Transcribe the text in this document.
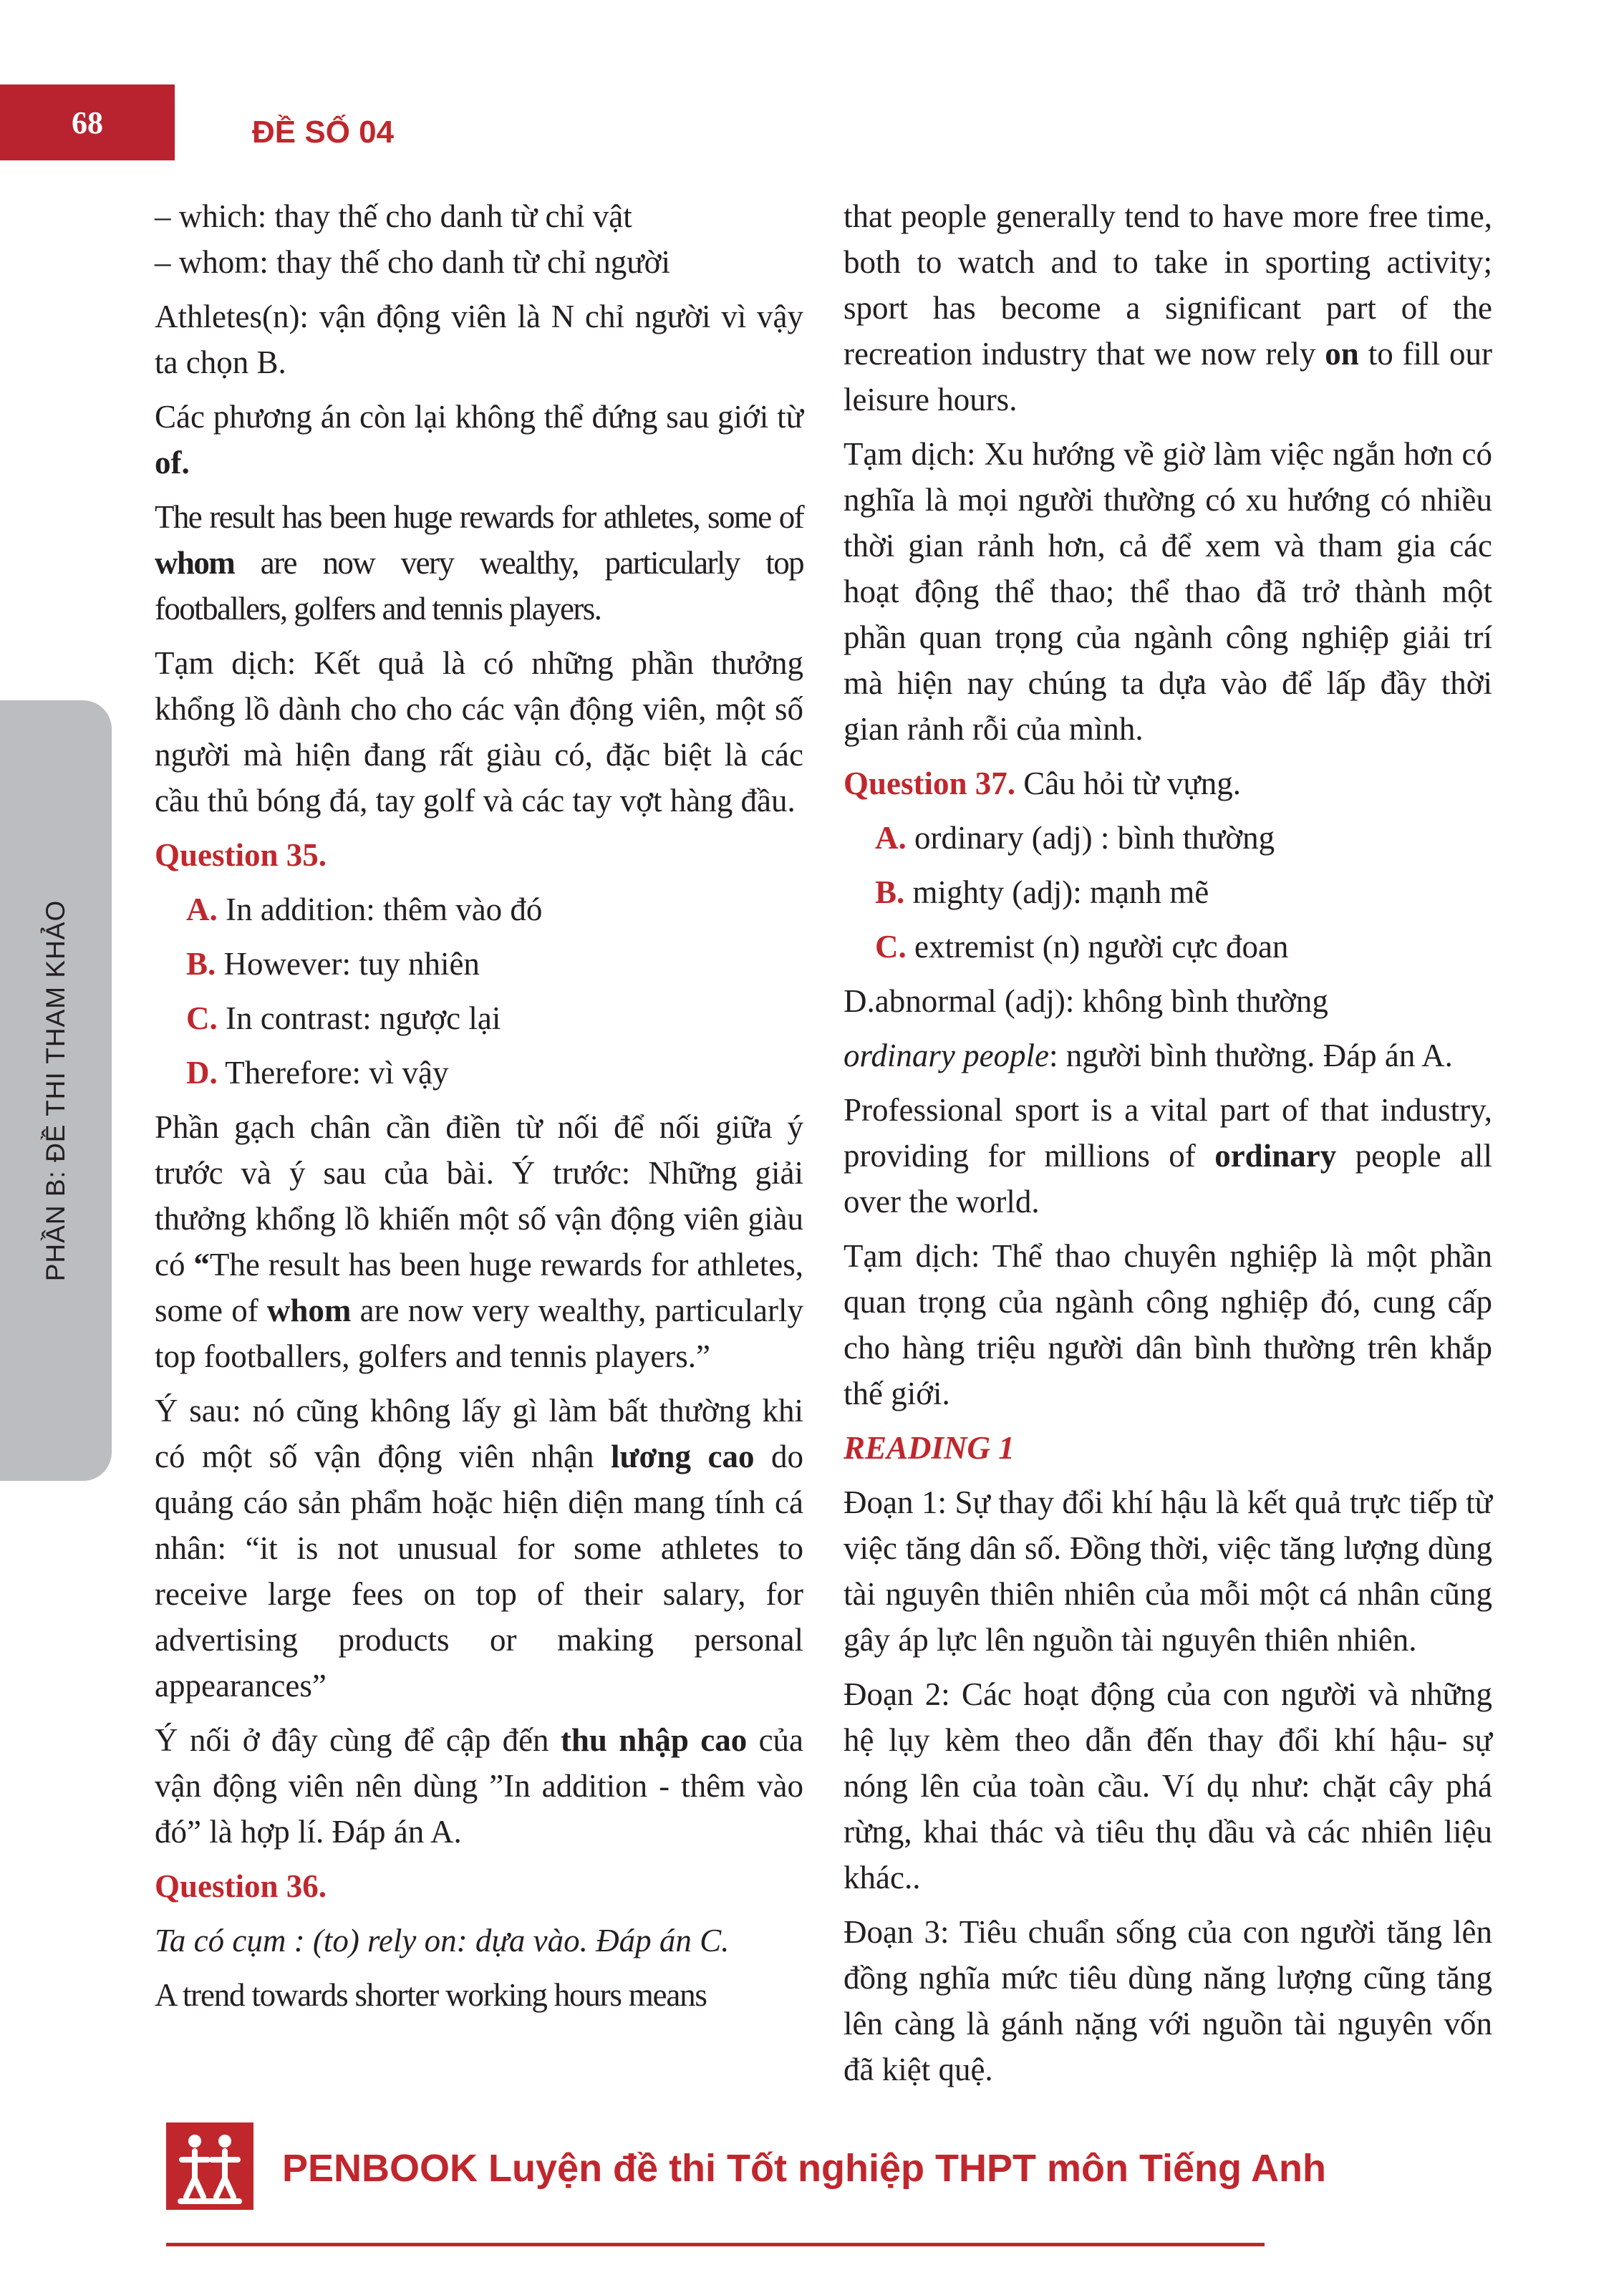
68	ĐỀ SỐ 04
PHẦN B: ĐỀ THI THAM KHẢO

– which: thay thế cho danh từ chỉ vật

– whom: thay thế cho danh từ chỉ người

Athletes(n): vận động viên là N chỉ người vì vậy ta chọn B.

Các phương án còn lại không thể đứng sau giới từ of.

The result has been huge rewards for athletes, some of whom are now very wealthy, particularly top footballers, golfers and tennis players.

Tạm dịch: Kết quả là có những phần thưởng khổng lồ dành cho cho các vận động viên, một số người mà hiện đang rất giàu có, đặc biệt là các cầu thủ bóng đá, tay golf và các tay vợt hàng đầu.

Question 35.

A. In addition: thêm vào đó
B. However: tuy nhiên
C. In contrast: ngược lại
D. Therefore: vì vậy

Phần gạch chân cần điền từ nối để nối giữa ý trước và ý sau của bài. Ý trước: Những giải thưởng khổng lồ khiến một số vận động viên giàu có “The result has been huge rewards for athletes, some of whom are now very wealthy, particularly top footballers, golfers and tennis players.”

Ý sau: nó cũng không lấy gì làm bất thường khi có một số vận động viên nhận lương cao do quảng cáo sản phẩm hoặc hiện diện mang tính cá nhân: “it is not unusual for some athletes to receive large fees on top of their salary, for advertising products or making personal appearances”

Ý nối ở đây cùng để cập đến thu nhập cao của vận động viên nên dùng ”In addition - thêm vào đó” là hợp lí. Đáp án A.

Question 36.

Ta có cụm : (to) rely on: dựa vào. Đáp án C.

A trend towards shorter working hours means

that people generally tend to have more free time, both to watch and to take in sporting activity; sport has become a significant part of the recreation industry that we now rely on to fill our leisure hours.

Tạm dịch: Xu hướng về giờ làm việc ngắn hơn có nghĩa là mọi người thường có xu hướng có nhiều thời gian rảnh hơn, cả để xem và tham gia các hoạt động thể thao; thể thao đã trở thành một phần quan trọng của ngành công nghiệp giải trí mà hiện nay chúng ta dựa vào để lấp đầy thời gian rảnh rỗi của mình.

Question 37. Câu hỏi từ vựng.

A. ordinary (adj) : bình thường
B. mighty (adj): mạnh mẽ
C. extremist (n) người cực đoan

D.abnormal (adj): không bình thường

ordinary people: người bình thường. Đáp án A.

Professional sport is a vital part of that industry, providing for millions of ordinary people all over the world.

Tạm dịch: Thể thao chuyên nghiệp là một phần quan trọng của ngành công nghiệp đó, cung cấp cho hàng triệu người dân bình thường trên khắp thế giới.

READING 1

Đoạn 1: Sự thay đổi khí hậu là kết quả trực tiếp từ việc tăng dân số. Đồng thời, việc tăng lượng dùng tài nguyên thiên nhiên của mỗi một cá nhân cũng gây áp lực lên nguồn tài nguyên thiên nhiên.

Đoạn 2: Các hoạt động của con người và những hệ lụy kèm theo dẫn đến thay đổi khí hậu- sự nóng lên của toàn cầu. Ví dụ như: chặt cây phá rừng, khai thác và tiêu thụ dầu và các nhiên liệu khác..

Đoạn 3: Tiêu chuẩn sống của con người tăng lên đồng nghĩa mức tiêu dùng năng lượng cũng tăng lên càng là gánh nặng với nguồn tài nguyên vốn đã kiệt quệ.

PENBOOK Luyện đề thi Tốt nghiệp THPT môn Tiếng Anh
